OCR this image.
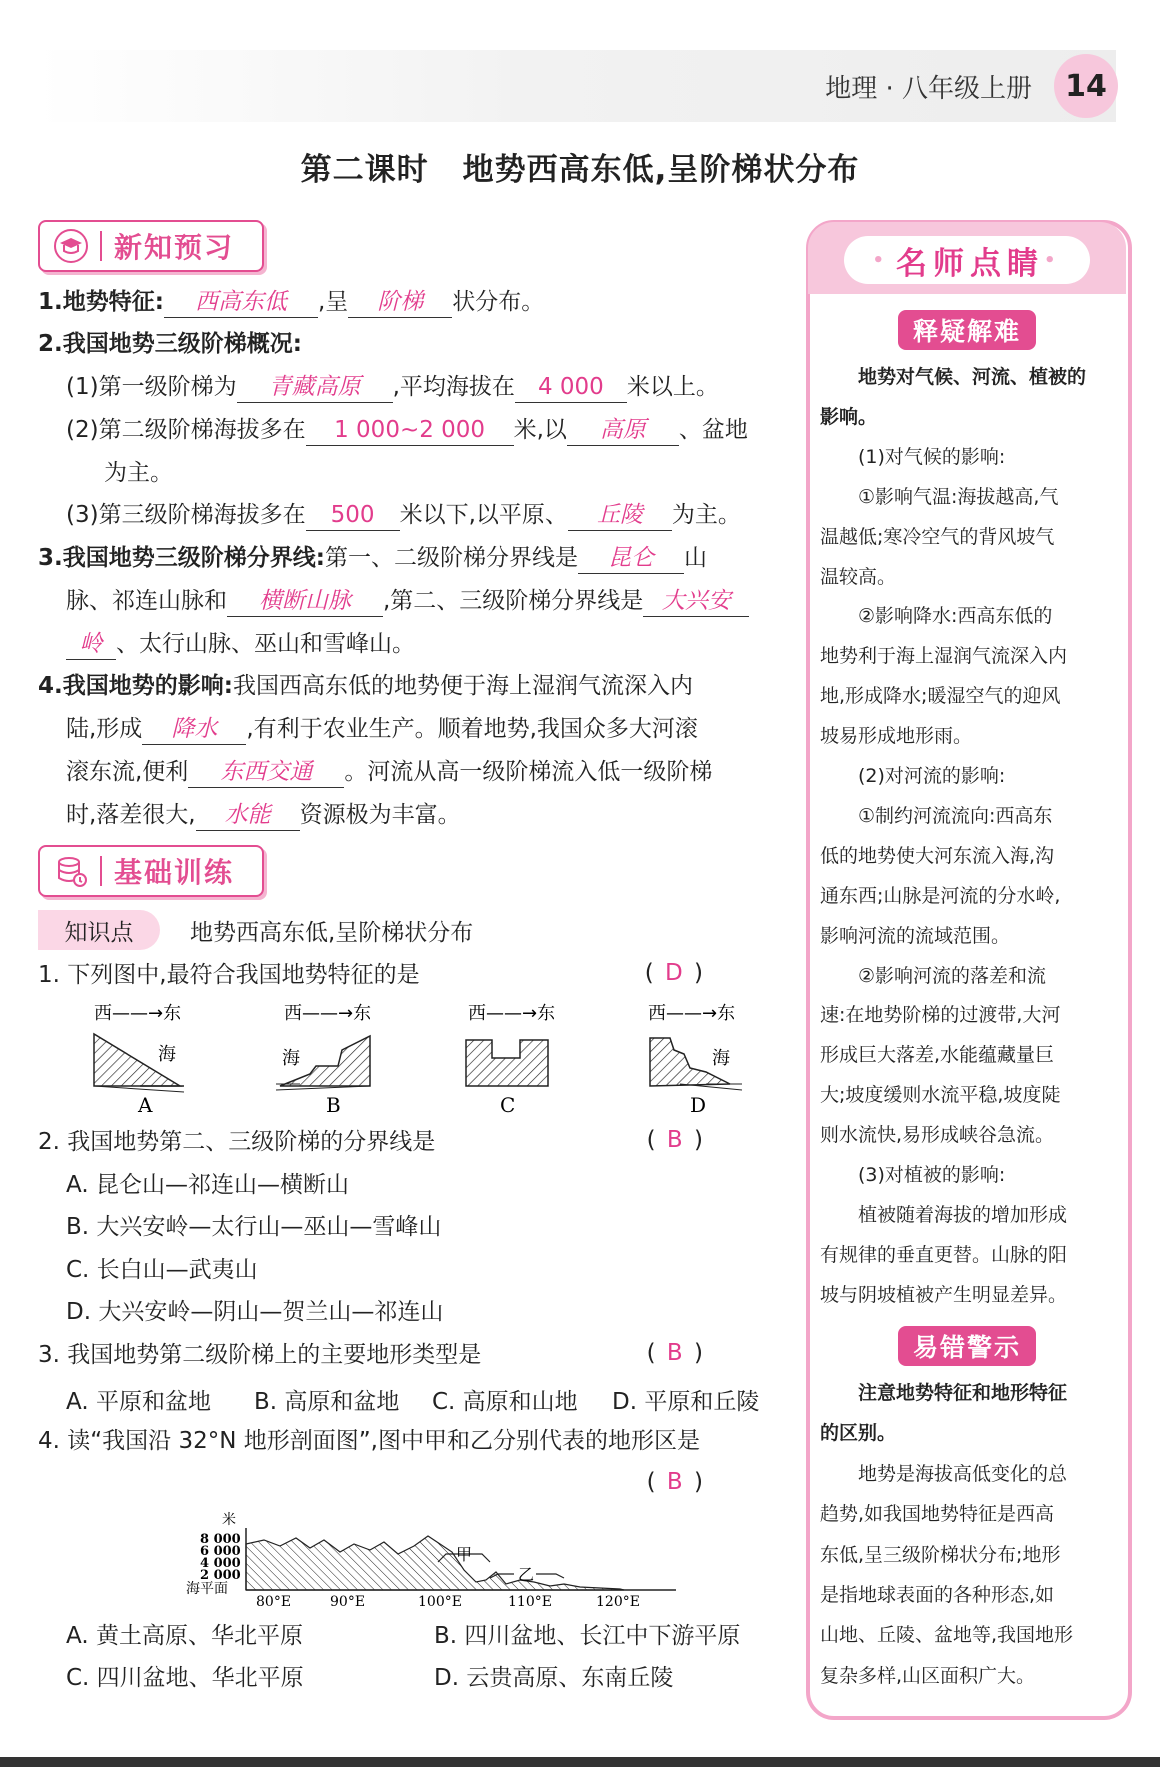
地理 · 八年级上册	14
第二课时 地势西高东低,呈阶梯状分布
新知预习
1.地势特征: 西高东低 ,呈 阶梯 状分布。
2.我国地势三级阶梯概况:
(1)第一级阶梯为 青藏高原 ,平均海拔在 4 000 米以上。
(2)第二级阶梯海拔多在 1 000~2 000 米,以 高原 、盆地
为主。
(3)第三级阶梯海拔多在 500 米以下,以平原、 丘陵 为主。
3.我国地势三级阶梯分界线:第一、二级阶梯分界线是 昆仑 山
脉、祁连山脉和 横断山脉 ,第二、三级阶梯分界线是 大兴安
岭 、太行山脉、巫山和雪峰山。
4.我国地势的影响:我国西高东低的地势便于海上湿润气流深入内
陆,形成 降水 ,有利于农业生产。顺着地势,我国众多大河滚
滚东流,便利 东西交通 。河流从高一级阶梯流入低一级阶梯
时,落差很大, 水能 资源极为丰富。
基础训练
知识点	地势西高东低,呈阶梯状分布
1. 下列图中,最符合我国地势特征的是	( D )
西——→东
海
A
西——→东
海
B
西——→东
C
西——→东
海
D
2. 我国地势第二、三级阶梯的分界线是	( B )
A. 昆仑山—祁连山—横断山
B. 大兴安岭—太行山—巫山—雪峰山
C. 长白山—武夷山
D. 大兴安岭—阴山—贺兰山—祁连山
3. 我国地势第二级阶梯上的主要地形类型是	( B )
A. 平原和盆地 B. 高原和盆地 C. 高原和山地 D. 平原和丘陵
4. 读“我国沿 32°N 地形剖面图”,图中甲和乙分别代表的地形区是
( B )
米
8 000
6 000
4 000
2 000
海平面
甲
乙
80°E	90°E	100°E	110°E	120°E
A. 黄土高原、华北平原	B. 四川盆地、长江中下游平原
C. 四川盆地、华北平原	D. 云贵高原、东南丘陵
• 名师点睛 •
释疑解难
地势对气候、河流、植被的
影响。
(1)对气候的影响:
①影响气温:海拔越高,气
温越低;寒冷空气的背风坡气
温较高。
②影响降水:西高东低的
地势利于海上湿润气流深入内
地,形成降水;暖湿空气的迎风
坡易形成地形雨。
(2)对河流的影响:
①制约河流流向:西高东
低的地势使大河东流入海,沟
通东西;山脉是河流的分水岭,
影响河流的流域范围。
②影响河流的落差和流
速:在地势阶梯的过渡带,大河
形成巨大落差,水能蕴藏量巨
大;坡度缓则水流平稳,坡度陡
则水流快,易形成峡谷急流。
(3)对植被的影响:
植被随着海拔的增加形成
有规律的垂直更替。山脉的阳
坡与阴坡植被产生明显差异。
易错警示
注意地势特征和地形特征
的区别。
地势是海拔高低变化的总
趋势,如我国地势特征是西高
东低,呈三级阶梯状分布;地形
是指地球表面的各种形态,如
山地、丘陵、盆地等,我国地形
复杂多样,山区面积广大。
